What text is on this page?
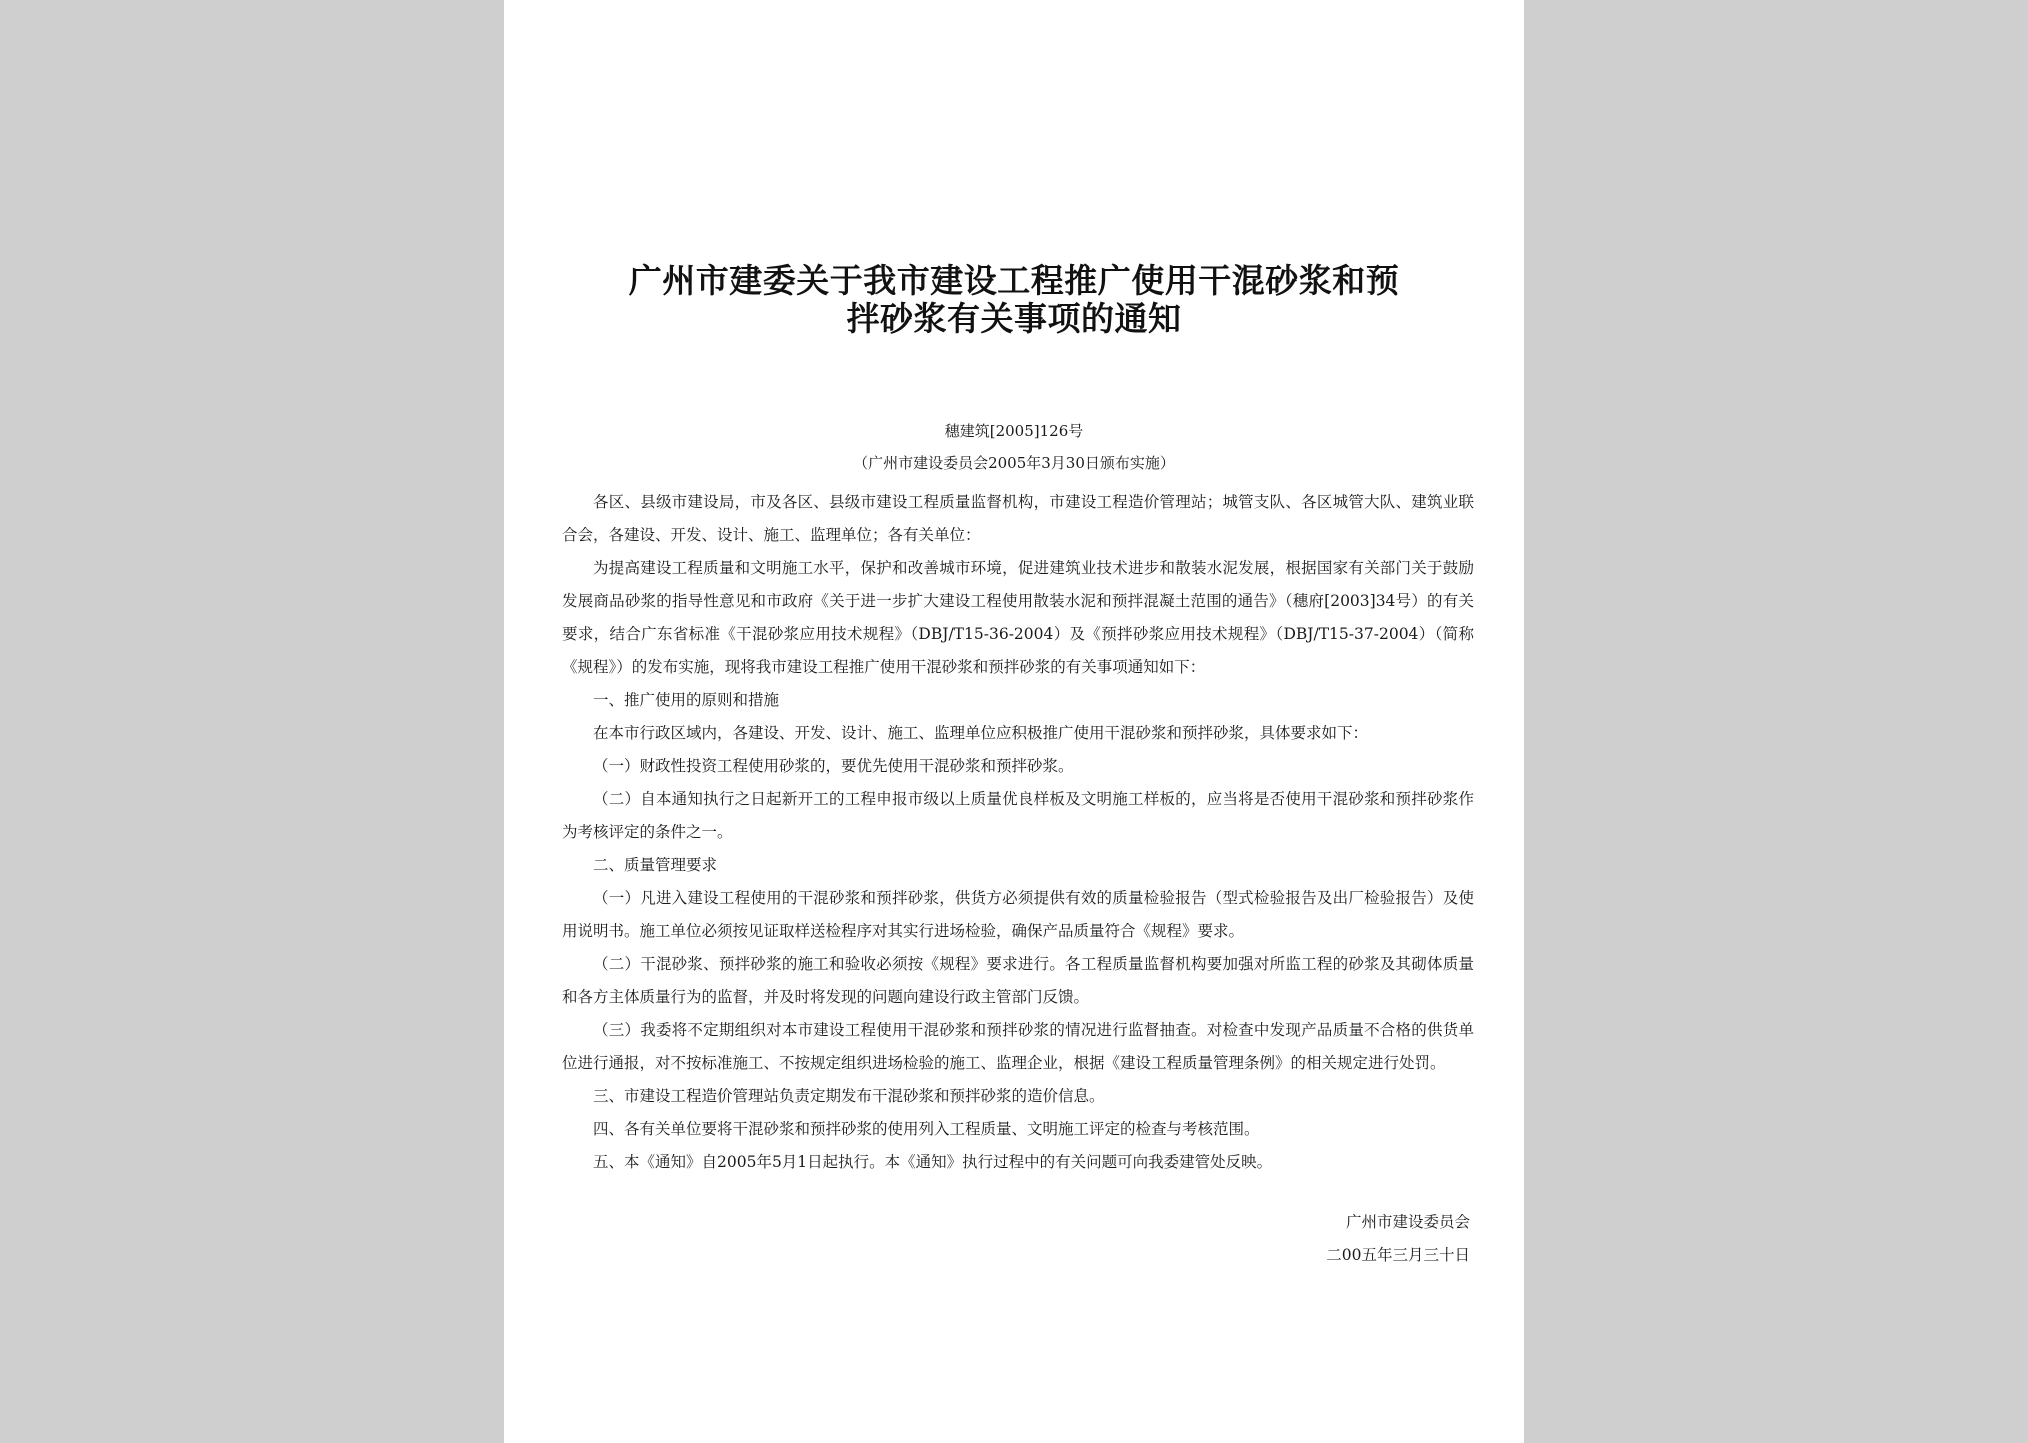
广州市建委关于我市建设工程推广使用干混砂浆和预
拌砂浆有关事项的通知
穗建筑[2005]126号
（广州市建设委员会2005年3月30日颁布实施）

各区、县级市建设局，市及各区、县级市建设工程质量监督机构，市建设工程造价管理站；城管支队、各区城管大队、建筑业联合会，各建设、开发、设计、施工、监理单位；各有关单位：

为提高建设工程质量和文明施工水平，保护和改善城市环境，促进建筑业技术进步和散装水泥发展，根据国家有关部门关于鼓励发展商品砂浆的指导性意见和市政府《关于进一步扩大建设工程使用散装水泥和预拌混凝土范围的通告》（穗府[2003]34号）的有关要求，结合广东省标准《干混砂浆应用技术规程》（DBJ/T15-36-2004）及《预拌砂浆应用技术规程》（DBJ/T15-37-2004）（简称《规程》）的发布实施，现将我市建设工程推广使用干混砂浆和预拌砂浆的有关事项通知如下：

一、推广使用的原则和措施

在本市行政区域内，各建设、开发、设计、施工、监理单位应积极推广使用干混砂浆和预拌砂浆，具体要求如下：

（一）财政性投资工程使用砂浆的，要优先使用干混砂浆和预拌砂浆。

（二）自本通知执行之日起新开工的工程申报市级以上质量优良样板及文明施工样板的，应当将是否使用干混砂浆和预拌砂浆作为考核评定的条件之一。

二、质量管理要求

（一）凡进入建设工程使用的干混砂浆和预拌砂浆，供货方必须提供有效的质量检验报告（型式检验报告及出厂检验报告）及使用说明书。施工单位必须按见证取样送检程序对其实行进场检验，确保产品质量符合《规程》要求。

（二）干混砂浆、预拌砂浆的施工和验收必须按《规程》要求进行。各工程质量监督机构要加强对所监工程的砂浆及其砌体质量和各方主体质量行为的监督，并及时将发现的问题向建设行政主管部门反馈。

（三）我委将不定期组织对本市建设工程使用干混砂浆和预拌砂浆的情况进行监督抽查。对检查中发现产品质量不合格的供货单位进行通报，对不按标准施工、不按规定组织进场检验的施工、监理企业，根据《建设工程质量管理条例》的相关规定进行处罚。

三、市建设工程造价管理站负责定期发布干混砂浆和预拌砂浆的造价信息。

四、各有关单位要将干混砂浆和预拌砂浆的使用列入工程质量、文明施工评定的检查与考核范围。

五、本《通知》自2005年5月1日起执行。本《通知》执行过程中的有关问题可向我委建管处反映。

广州市建设委员会
二00五年三月三十日
